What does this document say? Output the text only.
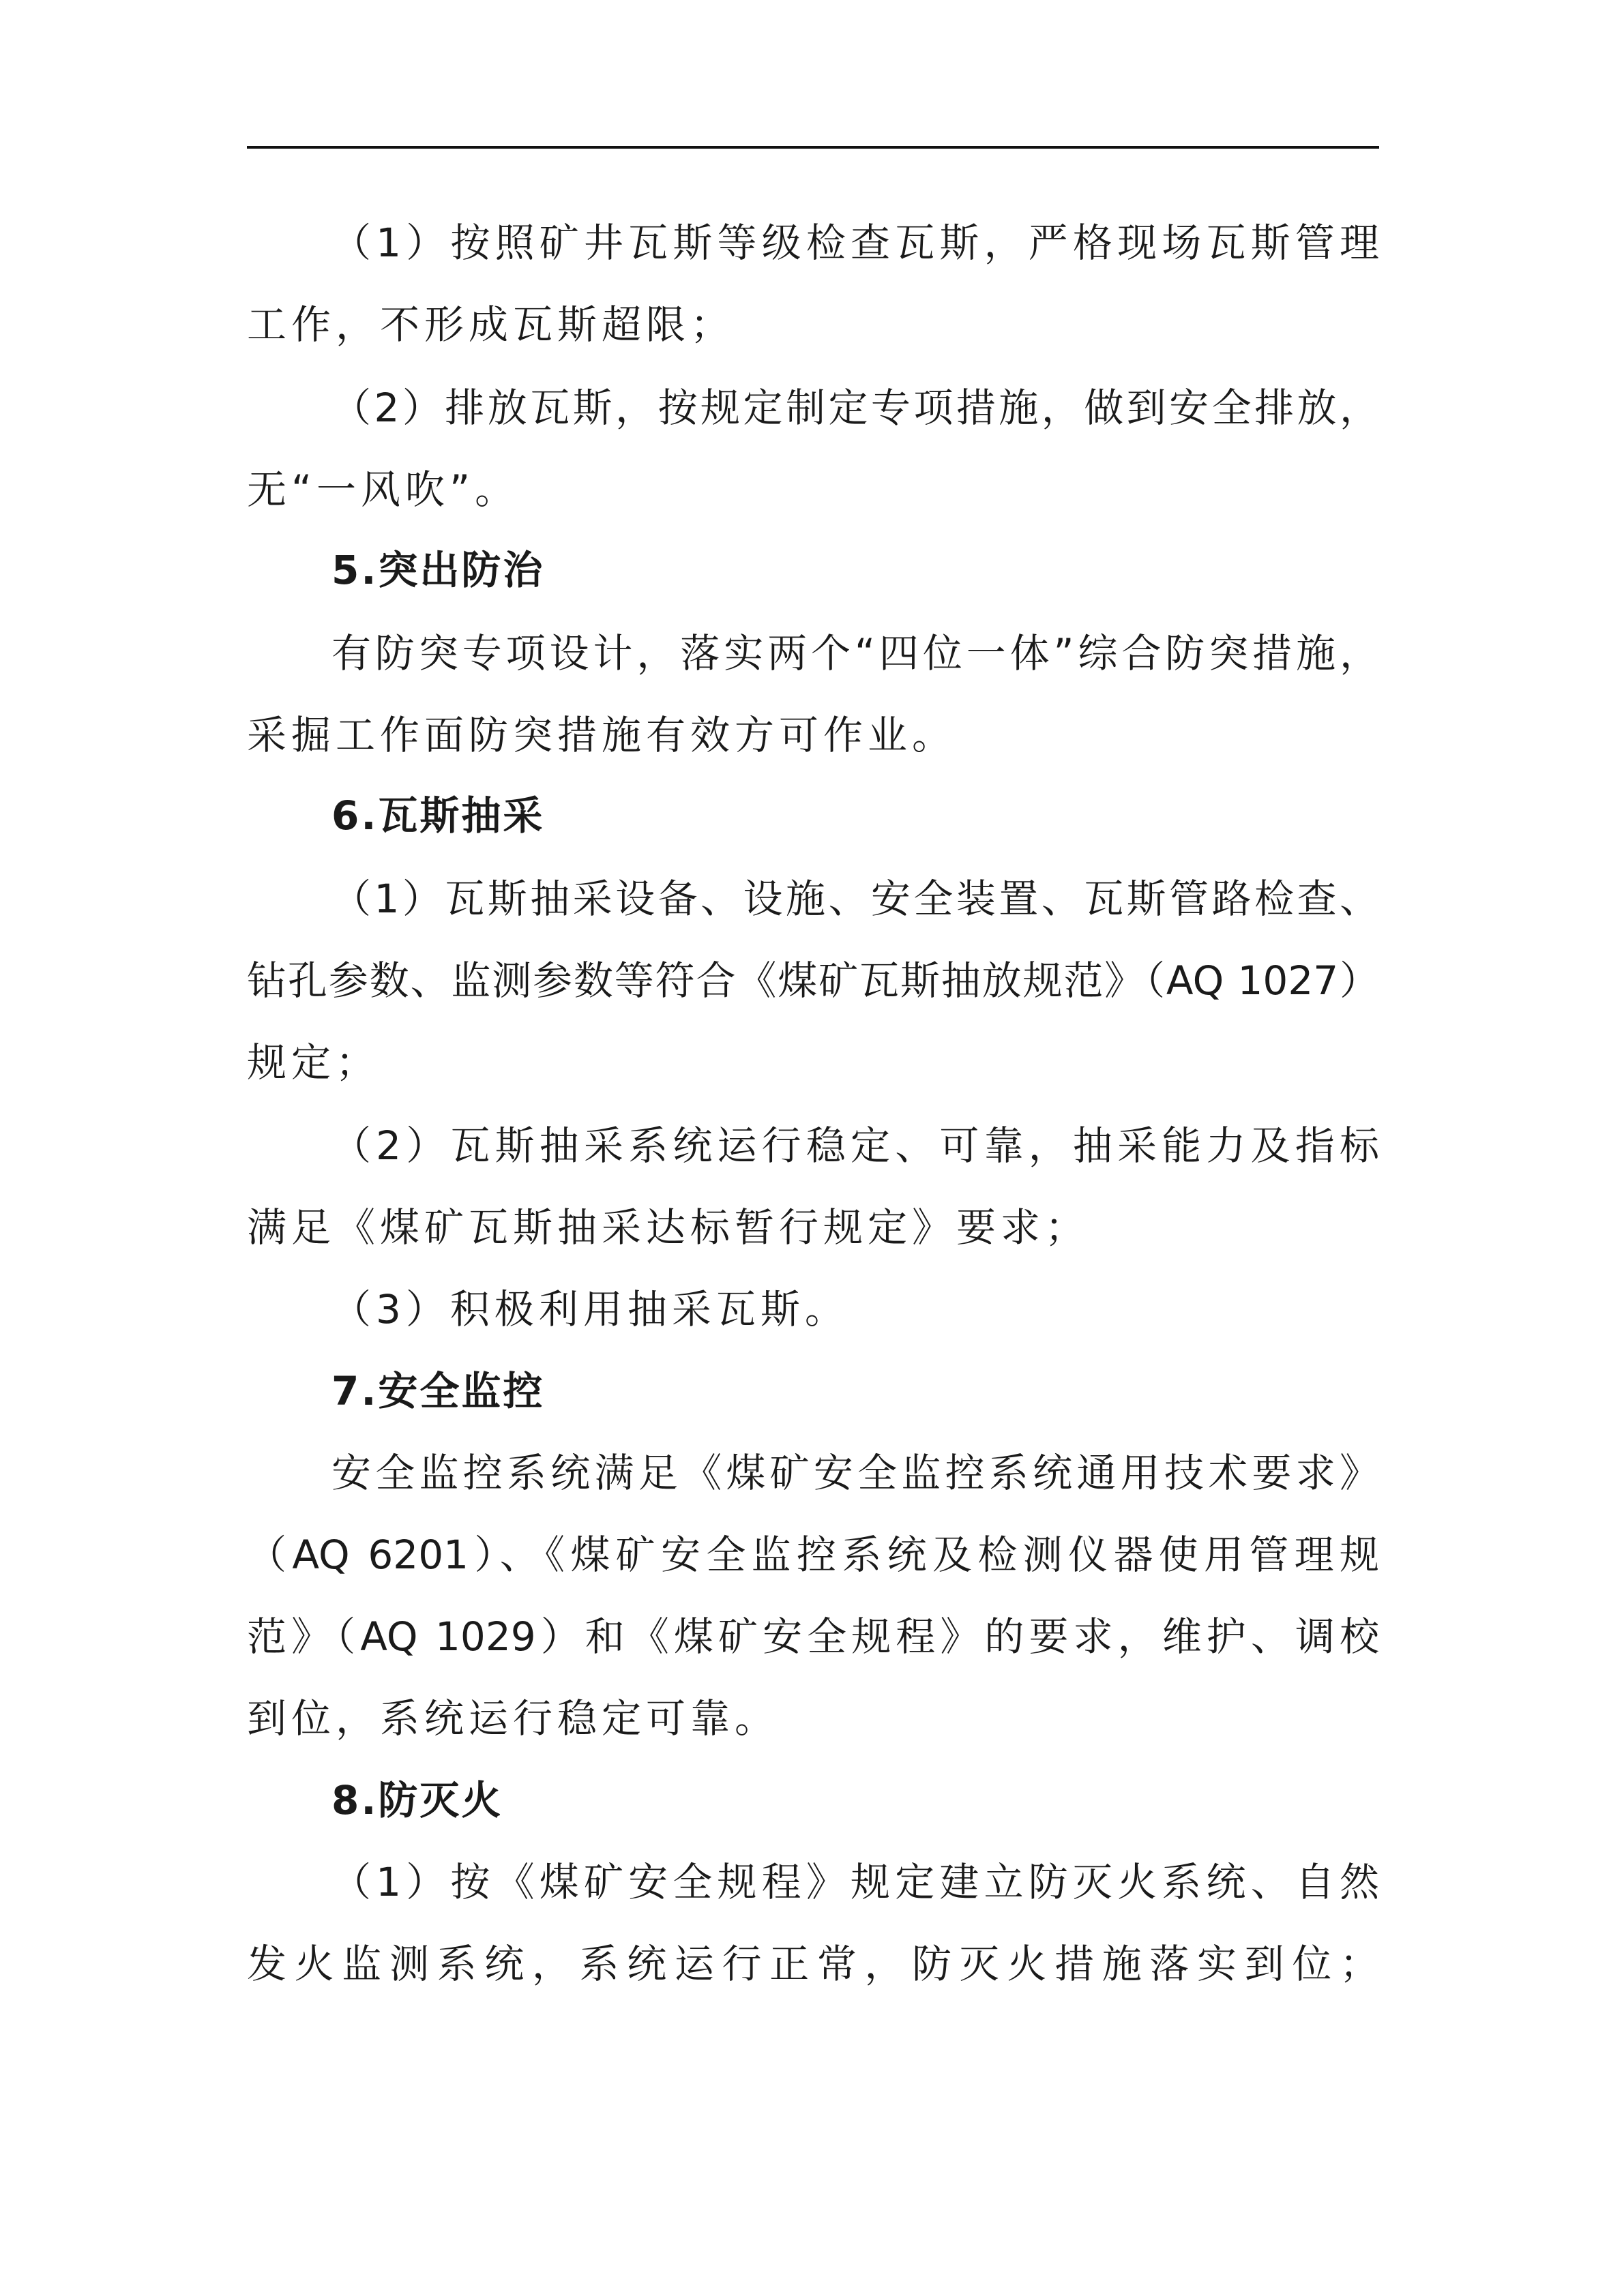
（1）按照矿井瓦斯等级检查瓦斯，严格现场瓦斯管理
工作，不形成瓦斯超限；
（2）排放瓦斯，按规定制定专项措施，做到安全排放，
无“一风吹”。
5.突出防治
有防突专项设计，落实两个“四位一体”综合防突措施，
采掘工作面防突措施有效方可作业。
6.瓦斯抽采
（1）瓦斯抽采设备、设施、安全装置、瓦斯管路检查、
钻孔参数、监测参数等符合《煤矿瓦斯抽放规范》（AQ 1027）
规定；
（2）瓦斯抽采系统运行稳定、可靠，抽采能力及指标
满足《煤矿瓦斯抽采达标暂行规定》要求；
（3）积极利用抽采瓦斯。
7.安全监控
安全监控系统满足《煤矿安全监控系统通用技术要求》
（AQ 6201）、《煤矿安全监控系统及检测仪器使用管理规
范》（AQ 1029）和《煤矿安全规程》的要求，维护、调校
到位，系统运行稳定可靠。
8.防灭火
（1）按《煤矿安全规程》规定建立防灭火系统、自然
发火监测系统，系统运行正常，防灭火措施落实到位；
